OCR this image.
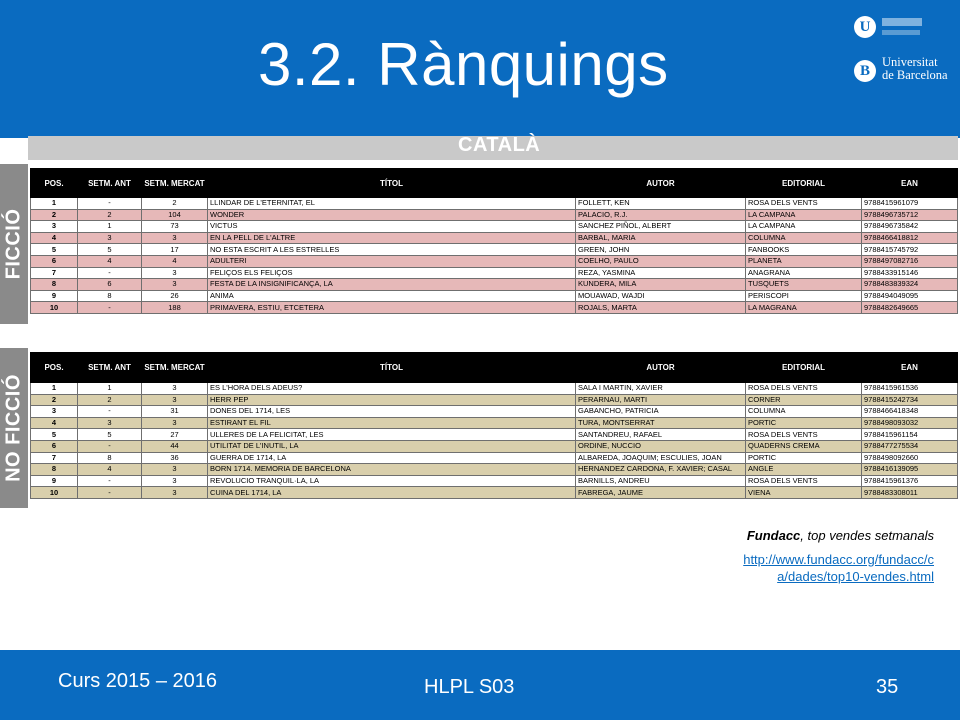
3.2. Rànquings
U
B
Universitat
de Barcelona
CATALÀ
FICCIÓ
NO FICCIÓ
POS.	SETM. ANT	SETM. MERCAT	TÍTOL	AUTOR	EDITORIAL	EAN
1	-	2	LLINDAR DE L'ETERNITAT, EL	FOLLETT, KEN	ROSA DELS VENTS	9788415961079
2	2	104	WONDER	PALACIO, R.J.	LA CAMPANA	9788496735712
3	1	73	VICTUS	SANCHEZ PIÑOL, ALBERT	LA CAMPANA	9788496735842
4	3	3	EN LA PELL DE L'ALTRE	BARBAL, MARIA	COLUMNA	9788466418812
5	5	17	NO ESTA ESCRIT A LES ESTRELLES	GREEN, JOHN	FANBOOKS	9788415745792
6	4	4	ADULTERI	COELHO, PAULO	PLANETA	9788497082716
7	-	3	FELIÇOS ELS FELIÇOS	REZA, YASMINA	ANAGRANA	9788433915146
8	6	3	FESTA DE LA INSIGNIFICANÇA, LA	KUNDERA, MILA	TUSQUETS	9788483839324
9	8	26	ANIMA	MOUAWAD, WAJDI	PERISCOPI	9788494049095
10	-	188	PRIMAVERA, ESTIU, ETCETERA	ROJALS, MARTA	LA MAGRANA	9788482649665
POS.	SETM. ANT	SETM. MERCAT	TÍTOL	AUTOR	EDITORIAL	EAN
1	1	3	ES L'HORA DELS ADEUS?	SALA I MARTIN, XAVIER	ROSA DELS VENTS	9788415961536
2	2	3	HERR PEP	PERARNAU, MARTI	CORNER	9788415242734
3	-	31	DONES DEL 1714, LES	GABANCHO, PATRICIA	COLUMNA	9788466418348
4	3	3	ESTIRANT EL FIL	TURA, MONTSERRAT	PORTIC	9788498093032
5	5	27	ULLERES DE LA FELICITAT, LES	SANTANDREU, RAFAEL	ROSA DELS VENTS	9788415961154
6	-	44	UTILITAT DE L'INUTIL, LA	ORDINE, NUCCIO	QUADERNS CREMA	9788477275534
7	8	36	GUERRA DE 1714, LA	ALBAREDA, JOAQUIM; ESCULIES, JOAN	PORTIC	9788498092660
8	4	3	BORN 1714. MEMORIA DE BARCELONA	HERNANDEZ CARDONA, F. XAVIER; CASAL	ANGLE	9788416139095
9	-	3	REVOLUCIO TRANQUIL·LA, LA	BARNILLS, ANDREU	ROSA DELS VENTS	9788415961376
10	-	3	CUINA DEL 1714, LA	FABREGA, JAUME	VIENA	9788483308011
Fundacc, top vendes setmanals
http://www.fundacc.org/fundacc/c
a/dades/top10-vendes.html
Curs 2015 – 2016	HLPL S03	35
